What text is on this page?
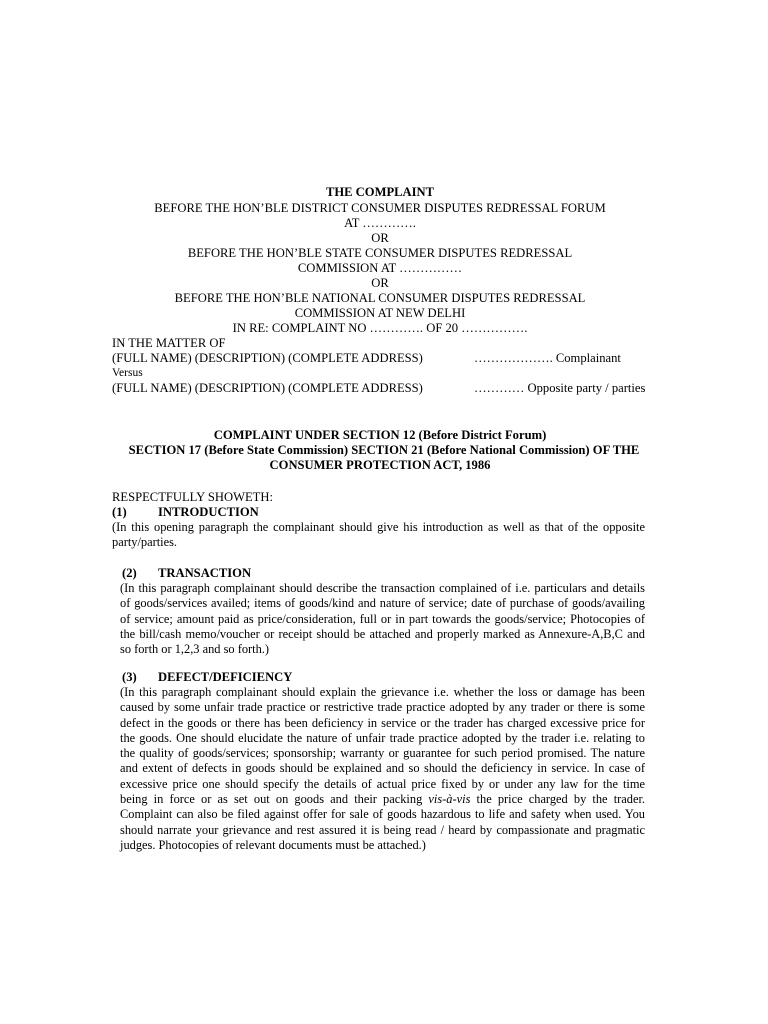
THE COMPLAINT
BEFORE THE HON’BLE DISTRICT CONSUMER DISPUTES REDRESSAL FORUM
AT ………….
OR
BEFORE THE HON’BLE STATE CONSUMER DISPUTES REDRESSAL
COMMISSION AT ……………
OR
BEFORE THE HON’BLE NATIONAL CONSUMER DISPUTES REDRESSAL
COMMISSION AT NEW DELHI
IN RE: COMPLAINT NO …………. OF 20 …………….
IN THE MATTER OF
(FULL NAME) (DESCRIPTION) (COMPLETE ADDRESS)	………………. Complainant
Versus
(FULL NAME) (DESCRIPTION) (COMPLETE ADDRESS)	………… Opposite party / parties
COMPLAINT UNDER SECTION 12 (Before District Forum)
SECTION 17 (Before State Commission) SECTION 21 (Before National Commission) OF THE
CONSUMER PROTECTION ACT, 1986
RESPECTFULLY SHOWETH:
(1) INTRODUCTION
(In this opening paragraph the complainant should give his introduction as well as that of the opposite
party/parties.
(2) TRANSACTION
(In this paragraph complainant should describe the transaction complained of i.e. particulars and details
of goods/services availed; items of goods/kind and nature of service; date of purchase of goods/availing
of service; amount paid as price/consideration, full or in part towards the goods/service; Photocopies of
the bill/cash memo/voucher or receipt should be attached and properly marked as Annexure-A,B,C and
so forth or 1,2,3 and so forth.)
(3) DEFECT/DEFICIENCY
(In this paragraph complainant should explain the grievance i.e. whether the loss or damage has been
caused by some unfair trade practice or restrictive trade practice adopted by any trader or there is some
defect in the goods or there has been deficiency in service or the trader has charged excessive price for
the goods. One should elucidate the nature of unfair trade practice adopted by the trader i.e. relating to
the quality of goods/services; sponsorship; warranty or guarantee for such period promised. The nature
and extent of defects in goods should be explained and so should the deficiency in service. In case of
excessive price one should specify the details of actual price fixed by or under any law for the time
being in force or as set out on goods and their packing vis-à-vis the price charged by the trader.
Complaint can also be filed against offer for sale of goods hazardous to life and safety when used. You
should narrate your grievance and rest assured it is being read / heard by compassionate and pragmatic
judges. Photocopies of relevant documents must be attached.)
